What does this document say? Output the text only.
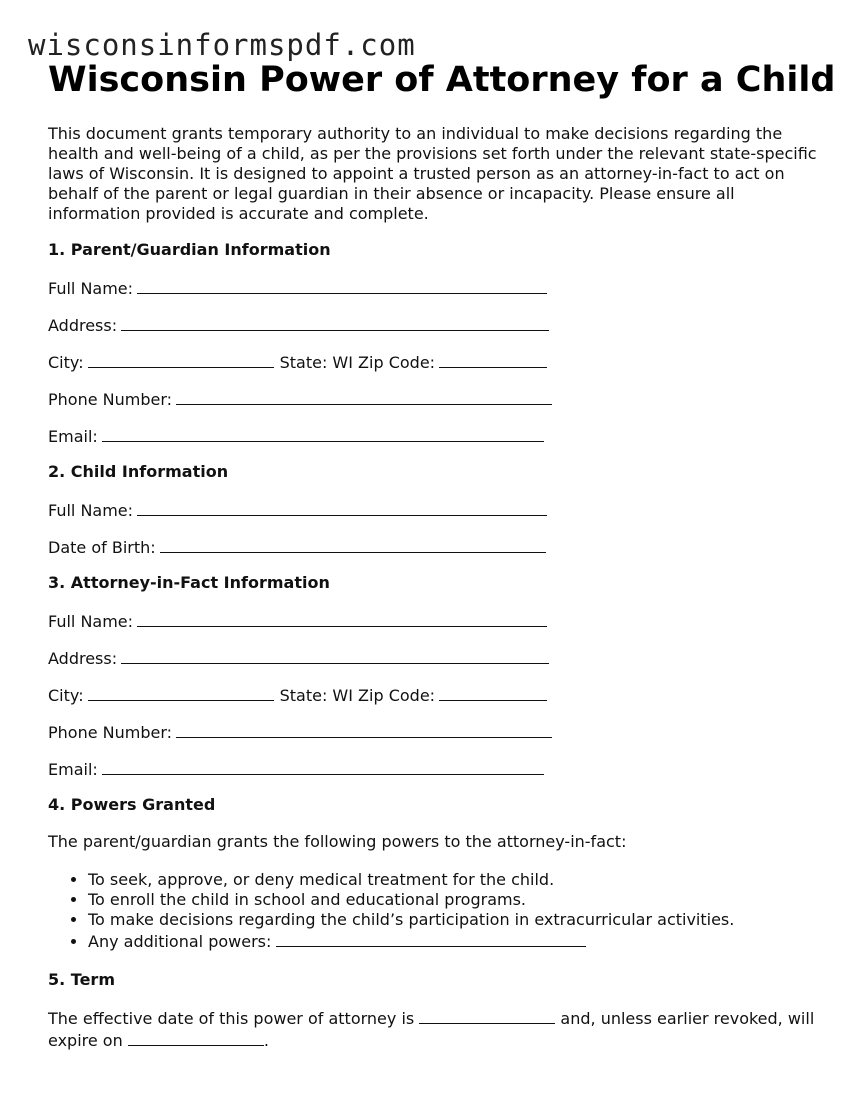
wisconsinformspdf.com
Wisconsin Power of Attorney for a Child

This document grants temporary authority to an individual to make decisions regarding the health and well-being of a child, as per the provisions set forth under the relevant state-specific laws of Wisconsin. It is designed to appoint a trusted person as an attorney-in-fact to act on behalf of the parent or legal guardian in their absence or incapacity. Please ensure all information provided is accurate and complete.

1. Parent/Guardian Information
Full Name:
Address:
City:	State: WI Zip Code:
Phone Number:
Email:
2. Child Information
Full Name:
Date of Birth:
3. Attorney-in-Fact Information
Full Name:
Address:
City:	State: WI Zip Code:
Phone Number:
Email:
4. Powers Granted

The parent/guardian grants the following powers to the attorney-in-fact:

• To seek, approve, or deny medical treatment for the child.
• To enroll the child in school and educational programs.
• To make decisions regarding the child’s participation in extracurricular activities.
• Any additional powers:
5. Term

The effective date of this power of attorney is	and, unless earlier revoked, will expire on	.
